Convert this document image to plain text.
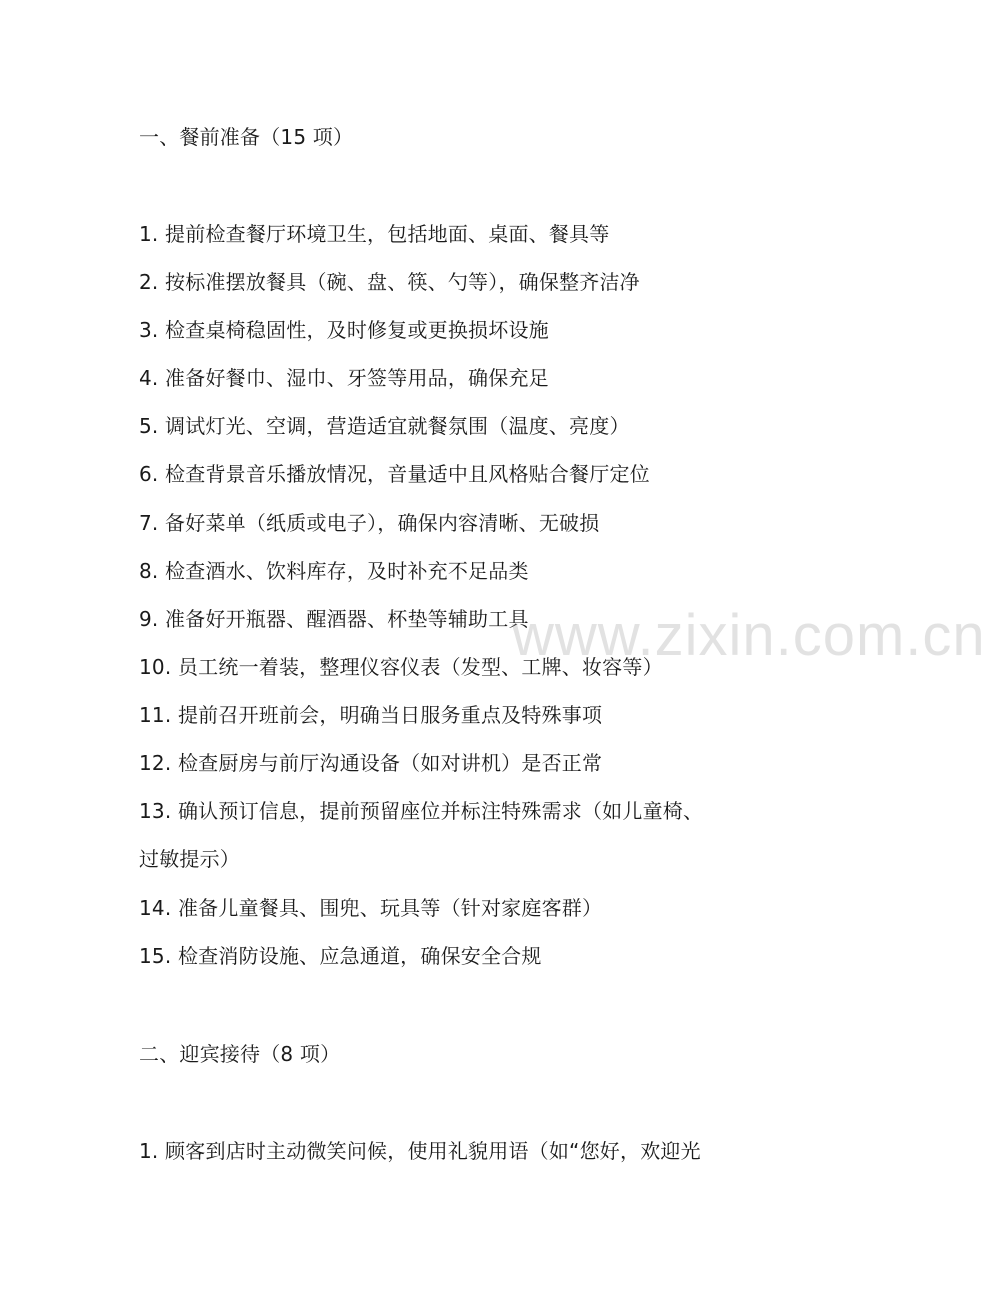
一、餐前准备（15 项）
1. 提前检查餐厅环境卫生，包括地面、桌面、餐具等
2. 按标准摆放餐具（碗、盘、筷、勺等），确保整齐洁净
3. 检查桌椅稳固性，及时修复或更换损坏设施
4. 准备好餐巾、湿巾、牙签等用品，确保充足
5. 调试灯光、空调，营造适宜就餐氛围（温度、亮度）
6. 检查背景音乐播放情况，音量适中且风格贴合餐厅定位
7. 备好菜单（纸质或电子），确保内容清晰、无破损
8. 检查酒水、饮料库存，及时补充不足品类
9. 准备好开瓶器、醒酒器、杯垫等辅助工具
10. 员工统一着装，整理仪容仪表（发型、工牌、妆容等）
11. 提前召开班前会，明确当日服务重点及特殊事项
12. 检查厨房与前厅沟通设备（如对讲机）是否正常
13. 确认预订信息，提前预留座位并标注特殊需求（如儿童椅、
过敏提示）
14. 准备儿童餐具、围兜、玩具等（针对家庭客群）
15. 检查消防设施、应急通道，确保安全合规
二、迎宾接待（8 项）
1. 顾客到店时主动微笑问候，使用礼貌用语（如“您好，欢迎光
www.zixin.com.cn
